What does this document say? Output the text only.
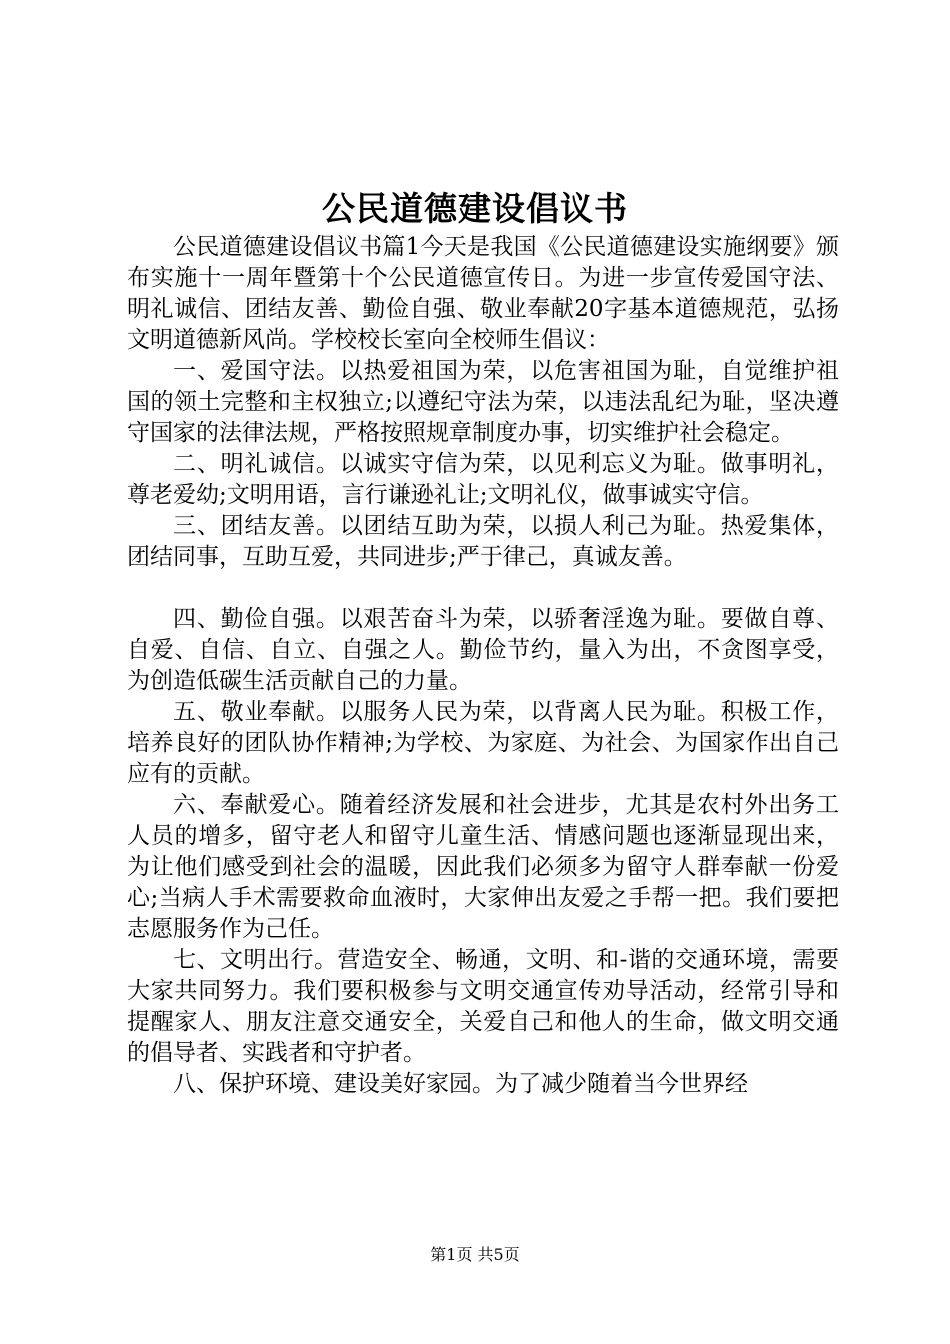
公民道德建设倡议书

公民道德建设倡议书篇1今天是我国《公民道德建设实施纲要》颁布实施十一周年暨第十个公民道德宣传日。为进一步宣传爱国守法、明礼诚信、团结友善、勤俭自强、敬业奉献20字基本道德规范，弘扬文明道德新风尚。学校校长室向全校师生倡议：

一、爱国守法。以热爱祖国为荣，以危害祖国为耻，自觉维护祖国的领土完整和主权独立;以遵纪守法为荣，以违法乱纪为耻，坚决遵守国家的法律法规，严格按照规章制度办事，切实维护社会稳定。

二、明礼诚信。以诚实守信为荣，以见利忘义为耻。做事明礼，尊老爱幼;文明用语，言行谦逊礼让;文明礼仪，做事诚实守信。

三、团结友善。以团结互助为荣，以损人利己为耻。热爱集体，团结同事，互助互爱，共同进步;严于律己，真诚友善。

四、勤俭自强。以艰苦奋斗为荣，以骄奢淫逸为耻。要做自尊、自爱、自信、自立、自强之人。勤俭节约，量入为出，不贪图享受，为创造低碳生活贡献自己的力量。

五、敬业奉献。以服务人民为荣，以背离人民为耻。积极工作，培养良好的团队协作精神;为学校、为家庭、为社会、为国家作出自己应有的贡献。

六、奉献爱心。随着经济发展和社会进步，尤其是农村外出务工人员的增多，留守老人和留守儿童生活、情感问题也逐渐显现出来，为让他们感受到社会的温暖，因此我们必须多为留守人群奉献一份爱心;当病人手术需要救命血液时，大家伸出友爱之手帮一把。我们要把志愿服务作为己任。

七、文明出行。营造安全、畅通，文明、和-谐的交通环境，需要大家共同努力。我们要积极参与文明交通宣传劝导活动，经常引导和提醒家人、朋友注意交通安全，关爱自己和他人的生命，做文明交通的倡导者、实践者和守护者。

八、保护环境、建设美好家园。为了减少随着当今世界经

第1页 共5页
